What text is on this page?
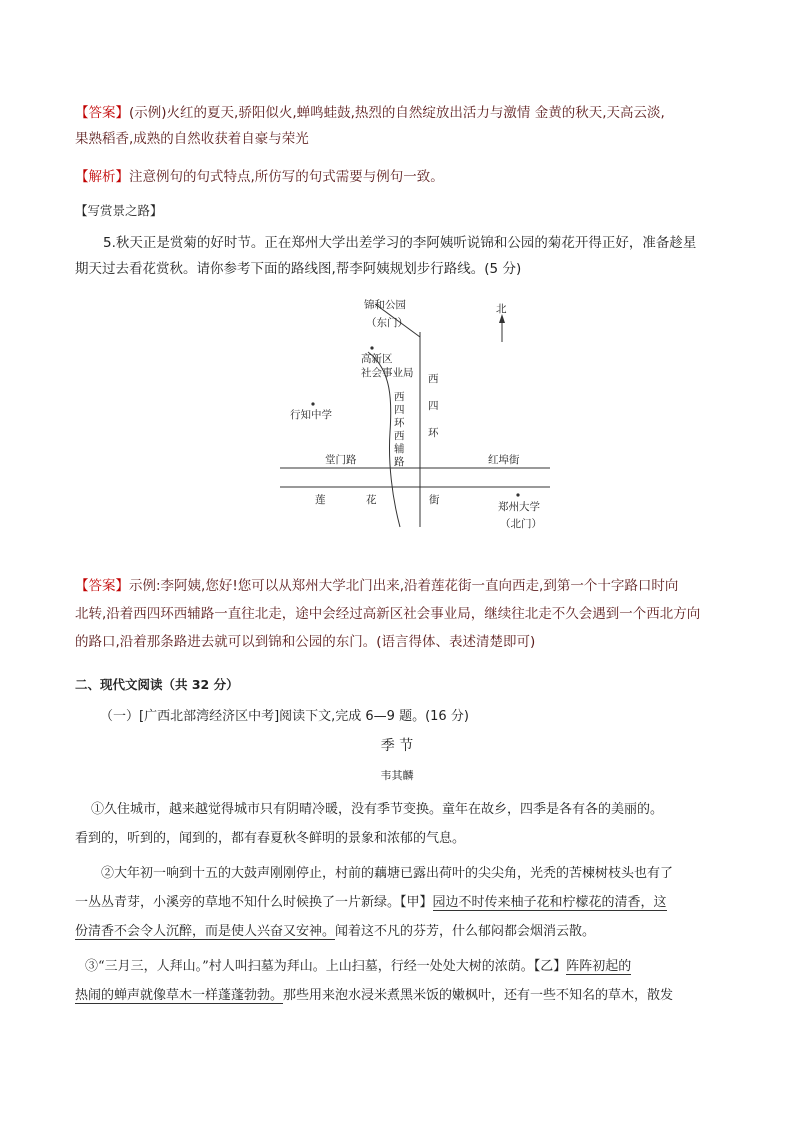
【答案】(示例)火红的夏天,骄阳似火,蝉鸣蛙鼓,热烈的自然绽放出活力与激情 金黄的秋天,天高云淡,
果熟稻香,成熟的自然收获着自豪与荣光
【解析】注意例句的句式特点,所仿写的句式需要与例句一致。
【写赏景之路】
5.秋天正是赏菊的好时节。正在郑州大学出差学习的李阿姨听说锦和公园的菊花开得正好，准备趁星
期天过去看花赏秋。请你参考下面的路线图,帮李阿姨规划步行路线。(5 分)
北
锦和公园
（东门）
高新区
社会事业局
行知中学
西
四
环
西
四
环
西
辅
路
堂门路	红埠街
莲	花	街
郑州大学
（北门）
【答案】示例:李阿姨,您好!您可以从郑州大学北门出来,沿着莲花街一直向西走,到第一个十字路口时向
北转,沿着西四环西辅路一直往北走，途中会经过高新区社会事业局，继续往北走不久会遇到一个西北方向
的路口,沿着那条路进去就可以到锦和公园的东门。(语言得体、表述清楚即可)
二、现代文阅读（共 32 分）
（一）[广西北部湾经济区中考]阅读下文,完成 6—9 题。(16 分)
季 节
韦其麟
①久住城市，越来越觉得城市只有阴晴冷暖，没有季节变换。童年在故乡，四季是各有各的美丽的。
看到的，听到的，闻到的，都有春夏秋冬鲜明的景象和浓郁的气息。
②大年初一响到十五的大鼓声刚刚停止，村前的藕塘已露出荷叶的尖尖角，光秃的苦楝树枝头也有了
一丛丛青芽，小溪旁的草地不知什么时候换了一片新绿。【甲】园边不时传来柚子花和柠檬花的清香，这
份清香不会令人沉醉，而是使人兴奋又安神。闻着这不凡的芬芳，什么郁闷都会烟消云散。
③“三月三，人拜山。”村人叫扫墓为拜山。上山扫墓，行经一处处大树的浓荫。【乙】阵阵初起的
热闹的蝉声就像草木一样蓬蓬勃勃。那些用来泡水浸米煮黑米饭的嫩枫叶，还有一些不知名的草木，散发
